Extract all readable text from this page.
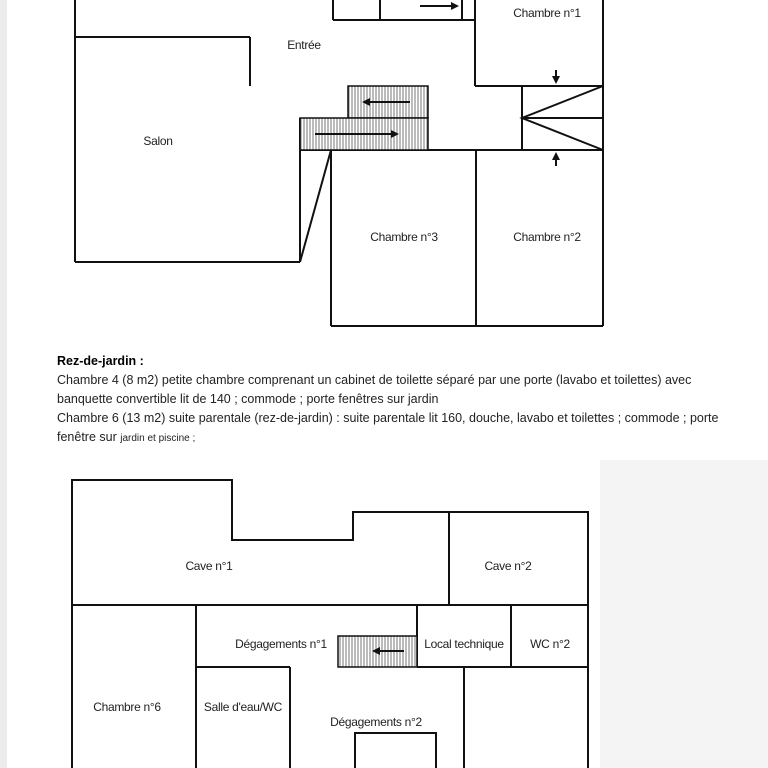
Entrée
Chambre n°1
Salon
Chambre n°3	Chambre n°2
Rez-de-jardin :
Chambre 4 (8 m2) petite chambre comprenant un cabinet de toilette séparé par une porte (lavabo et toilettes) avec
banquette convertible lit de 140 ; commode ; porte fenêtres sur jardin
Chambre 6 (13 m2) suite parentale (rez-de-jardin) : suite parentale lit 160, douche, lavabo et toilettes ; commode ; porte
fenêtre sur jardin et piscine ;
Cave n°1	Cave n°2
Dégagements n°1	Local technique WC n°2
Chambre n°6	Salle d'eau/WC
Dégagements n°2
